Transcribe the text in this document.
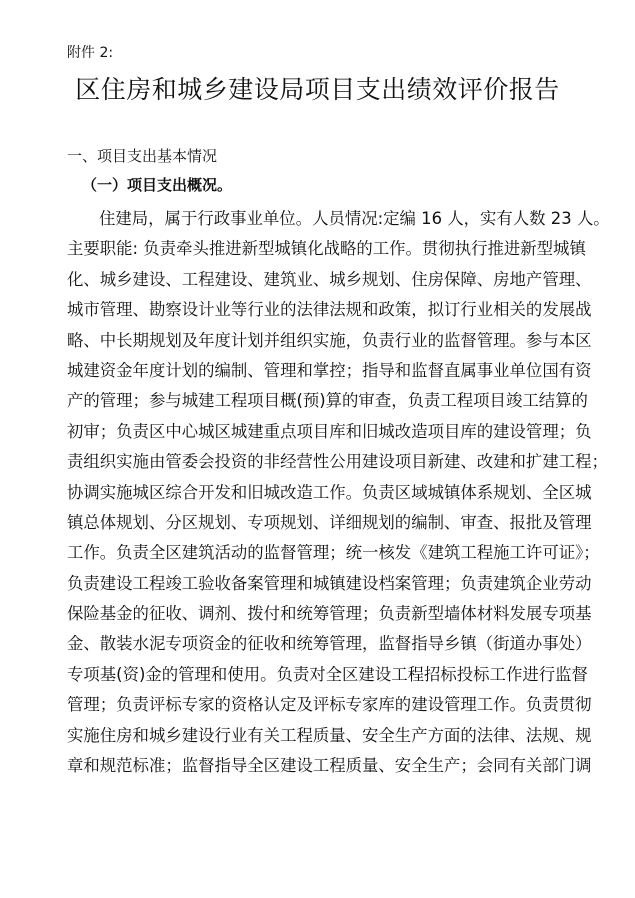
附件 2:
区住房和城乡建设局项目支出绩效评价报告
一、项目支出基本情况
（一）项目支出概况。
住建局，属于行政事业单位。人员情况:定编 16 人，实有人数 23 人。
主要职能: 负责牵头推进新型城镇化战略的工作。贯彻执行推进新型城镇
化、城乡建设、工程建设、建筑业、城乡规划、住房保障、房地产管理、
城市管理、勘察设计业等行业的法律法规和政策，拟订行业相关的发展战
略、中长期规划及年度计划并组织实施，负责行业的监督管理。参与本区
城建资金年度计划的编制、管理和掌控；指导和监督直属事业单位国有资
产的管理；参与城建工程项目概(预)算的审查，负责工程项目竣工结算的
初审；负责区中心城区城建重点项目库和旧城改造项目库的建设管理；负
责组织实施由管委会投资的非经营性公用建设项目新建、改建和扩建工程；
协调实施城区综合开发和旧城改造工作。负责区域城镇体系规划、全区城
镇总体规划、分区规划、专项规划、详细规划的编制、审查、报批及管理
工作。负责全区建筑活动的监督管理；统一核发《建筑工程施工许可证》；
负责建设工程竣工验收备案管理和城镇建设档案管理；负责建筑企业劳动
保险基金的征收、调剂、拨付和统筹管理；负责新型墙体材料发展专项基
金、散装水泥专项资金的征收和统筹管理，监督指导乡镇（街道办事处）
专项基(资)金的管理和使用。负责对全区建设工程招标投标工作进行监督
管理；负责评标专家的资格认定及评标专家库的建设管理工作。负责贯彻
实施住房和城乡建设行业有关工程质量、安全生产方面的法律、法规、规
章和规范标准；监督指导全区建设工程质量、安全生产；会同有关部门调
